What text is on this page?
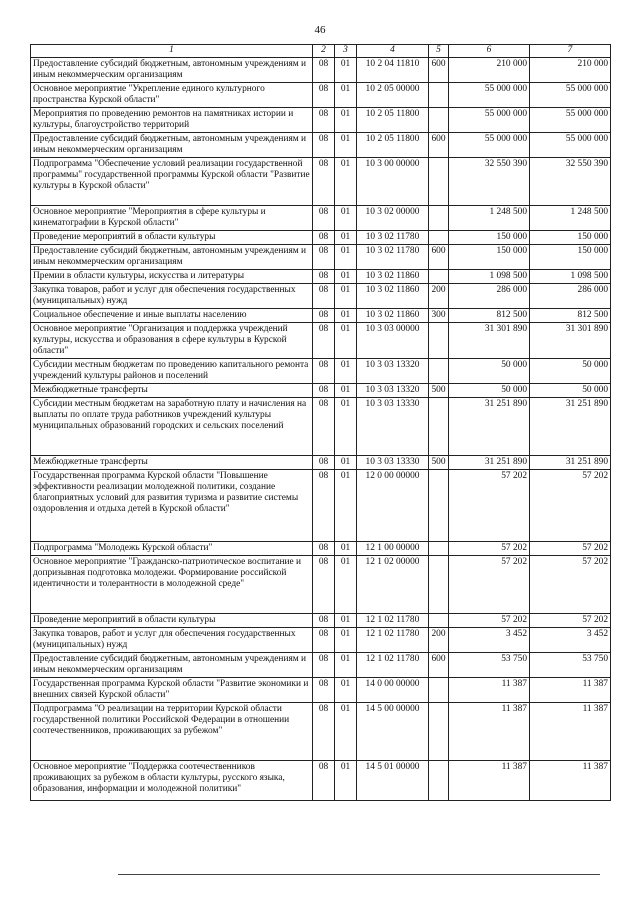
46
1	2	3	4	5	6	7
Предоставление субсидий бюджетным, автономным учреждениям и иным некоммерческим организациям	08	01	10 2 04 11810	600	210 000	210 000
Основное мероприятие "Укрепление единого культурного пространства Курской области"	08	01	10 2 05 00000		55 000 000	55 000 000
Мероприятия по проведению ремонтов на памятниках истории и культуры, благоустройство территорий	08	01	10 2 05 11800		55 000 000	55 000 000
Предоставление субсидий бюджетным, автономным учреждениям и иным некоммерческим организациям	08	01	10 2 05 11800	600	55 000 000	55 000 000
Подпрограмма "Обеспечение условий реализации государственной программы" государственной программы Курской области "Развитие культуры в Курской области"	08	01	10 3 00 00000		32 550 390	32 550 390
Основное мероприятие "Мероприятия в сфере культуры и кинематографии в Курской области"	08	01	10 3 02 00000		1 248 500	1 248 500
Проведение мероприятий в области культуры	08	01	10 3 02 11780		150 000	150 000
Предоставление субсидий бюджетным, автономным учреждениям и иным некоммерческим организациям	08	01	10 3 02 11780	600	150 000	150 000
Премии в области культуры, искусства и литературы	08	01	10 3 02 11860		1 098 500	1 098 500
Закупка товаров, работ и услуг для обеспечения государственных (муниципальных) нужд	08	01	10 3 02 11860	200	286 000	286 000
Социальное обеспечение и иные выплаты населению	08	01	10 3 02 11860	300	812 500	812 500
Основное мероприятие "Организация и поддержка учреждений культуры, искусства и образования в сфере культуры в Курской области"	08	01	10 3 03 00000		31 301 890	31 301 890
Субсидии местным бюджетам по проведению капитального ремонта учреждений культуры районов и поселений	08	01	10 3 03 13320		50 000	50 000
Межбюджетные трансферты	08	01	10 3 03 13320	500	50 000	50 000
Субсидии местным бюджетам на заработную плату и начисления на выплаты по оплате труда работников учреждений культуры муниципальных образований городских и сельских поселений	08	01	10 3 03 13330		31 251 890	31 251 890
Межбюджетные трансферты	08	01	10 3 03 13330	500	31 251 890	31 251 890
Государственная программа Курской области "Повышение эффективности реализации молодежной политики, создание благоприятных условий для развития туризма и развитие системы оздоровления и отдыха детей в Курской области"	08	01	12 0 00 00000		57 202	57 202
Подпрограмма "Молодежь Курской области"	08	01	12 1 00 00000		57 202	57 202
Основное мероприятие "Гражданско-патриотическое воспитание и допризывная подготовка молодежи. Формирование российской идентичности и толерантности в молодежной среде"	08	01	12 1 02 00000		57 202	57 202
Проведение мероприятий в области культуры	08	01	12 1 02 11780		57 202	57 202
Закупка товаров, работ и услуг для обеспечения государственных (муниципальных) нужд	08	01	12 1 02 11780	200	3 452	3 452
Предоставление субсидий бюджетным, автономным учреждениям и иным некоммерческим организациям	08	01	12 1 02 11780	600	53 750	53 750
Государственная программа Курской области "Развитие экономики и внешних связей Курской области"	08	01	14 0 00 00000		11 387	11 387
Подпрограмма "О реализации на территории Курской области государственной политики Российской Федерации в отношении соотечественников, проживающих за рубежом"	08	01	14 5 00 00000		11 387	11 387
Основное мероприятие "Поддержка соотечественников проживающих за рубежом в области культуры, русского языка, образования, информации и молодежной политики"	08	01	14 5 01 00000		11 387	11 387
